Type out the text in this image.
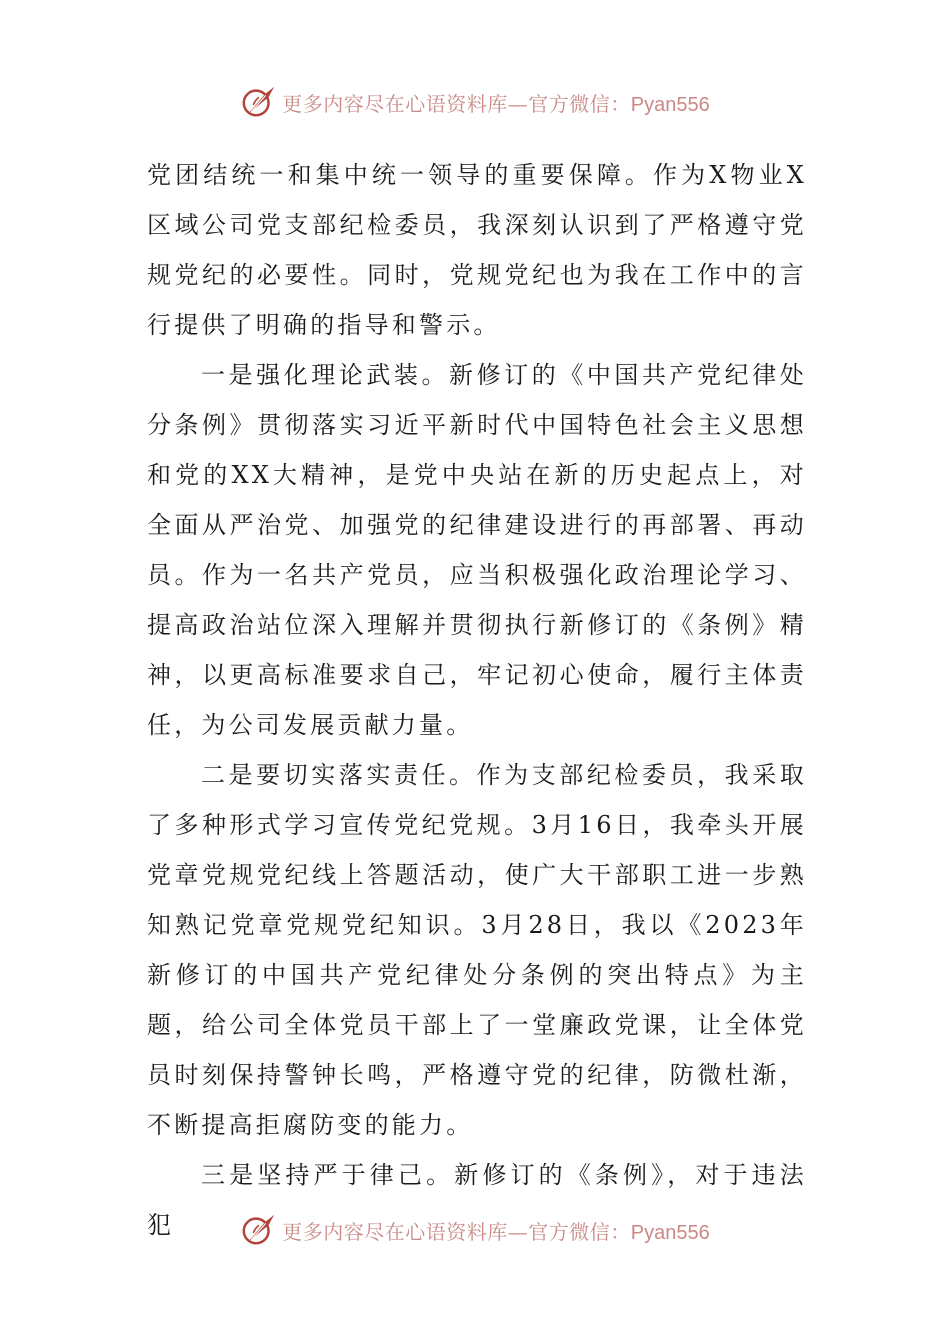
更多内容尽在心语资料库—官方微信：Pyan556

党团结统一和集中统一领导的重要保障。作为X物业X区域公司党支部纪检委员，我深刻认识到了严格遵守党规党纪的必要性。同时，党规党纪也为我在工作中的言行提供了明确的指导和警示。

一是强化理论武装。新修订的《中国共产党纪律处分条例》贯彻落实习近平新时代中国特色社会主义思想和党的XX大精神，是党中央站在新的历史起点上，对全面从严治党、加强党的纪律建设进行的再部署、再动员。作为一名共产党员，应当积极强化政治理论学习、提高政治站位深入理解并贯彻执行新修订的《条例》精神，以更高标准要求自己，牢记初心使命，履行主体责任，为公司发展贡献力量。

二是要切实落实责任。作为支部纪检委员，我采取了多种形式学习宣传党纪党规。3月16日，我牵头开展党章党规党纪线上答题活动，使广大干部职工进一步熟知熟记党章党规党纪知识。3月28日，我以《2023年新修订的中国共产党纪律处分条例的突出特点》为主题，给公司全体党员干部上了一堂廉政党课，让全体党员时刻保持警钟长鸣，严格遵守党的纪律，防微杜渐，不断提高拒腐防变的能力。

三是坚持严于律己。新修订的《条例》，对于违法犯	更多内容尽在心语资料库—官方微信：Pyan556
